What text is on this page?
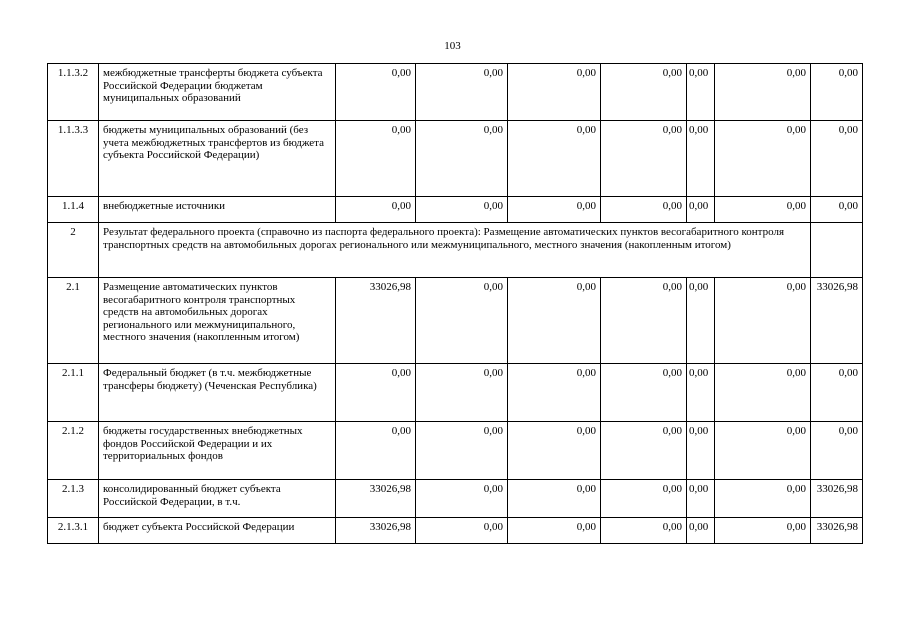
103
1.1.3.2	межбюджетные трансферты бюджета субъекта Российской Федерации бюджетам муниципальных образований	0,00	0,00	0,00	0,00	0,00	0,00	0,00
1.1.3.3	бюджеты муниципальных образований (без учета межбюджетных трансфертов из бюджета субъекта Российской Федерации)	0,00	0,00	0,00	0,00	0,00	0,00	0,00
1.1.4	внебюджетные источники	0,00	0,00	0,00	0,00	0,00	0,00	0,00
2	Результат федерального проекта (справочно из паспорта федерального проекта): Размещение автоматических пунктов весогабаритного контроля транспортных средств на автомобильных дорогах регионального или межмуниципального, местного значения (накопленным итогом)							
2.1	Размещение автоматических пунктов весогабаритного контроля транспортных средств на автомобильных дорогах регионального или межмуниципального, местного значения (накопленным итогом)	33026,98	0,00	0,00	0,00	0,00	0,00	33026,98
2.1.1	Федеральный бюджет (в т.ч. межбюджетные трансферы бюджету) (Чеченская Республика)	0,00	0,00	0,00	0,00	0,00	0,00	0,00
2.1.2	бюджеты государственных внебюджетных фондов Российской Федерации и их территориальных фондов	0,00	0,00	0,00	0,00	0,00	0,00	0,00
2.1.3	консолидированный бюджет субъекта Российской Федерации, в т.ч.	33026,98	0,00	0,00	0,00	0,00	0,00	33026,98
2.1.3.1	бюджет субъекта Российской Федерации	33026,98	0,00	0,00	0,00	0,00	0,00	33026,98
